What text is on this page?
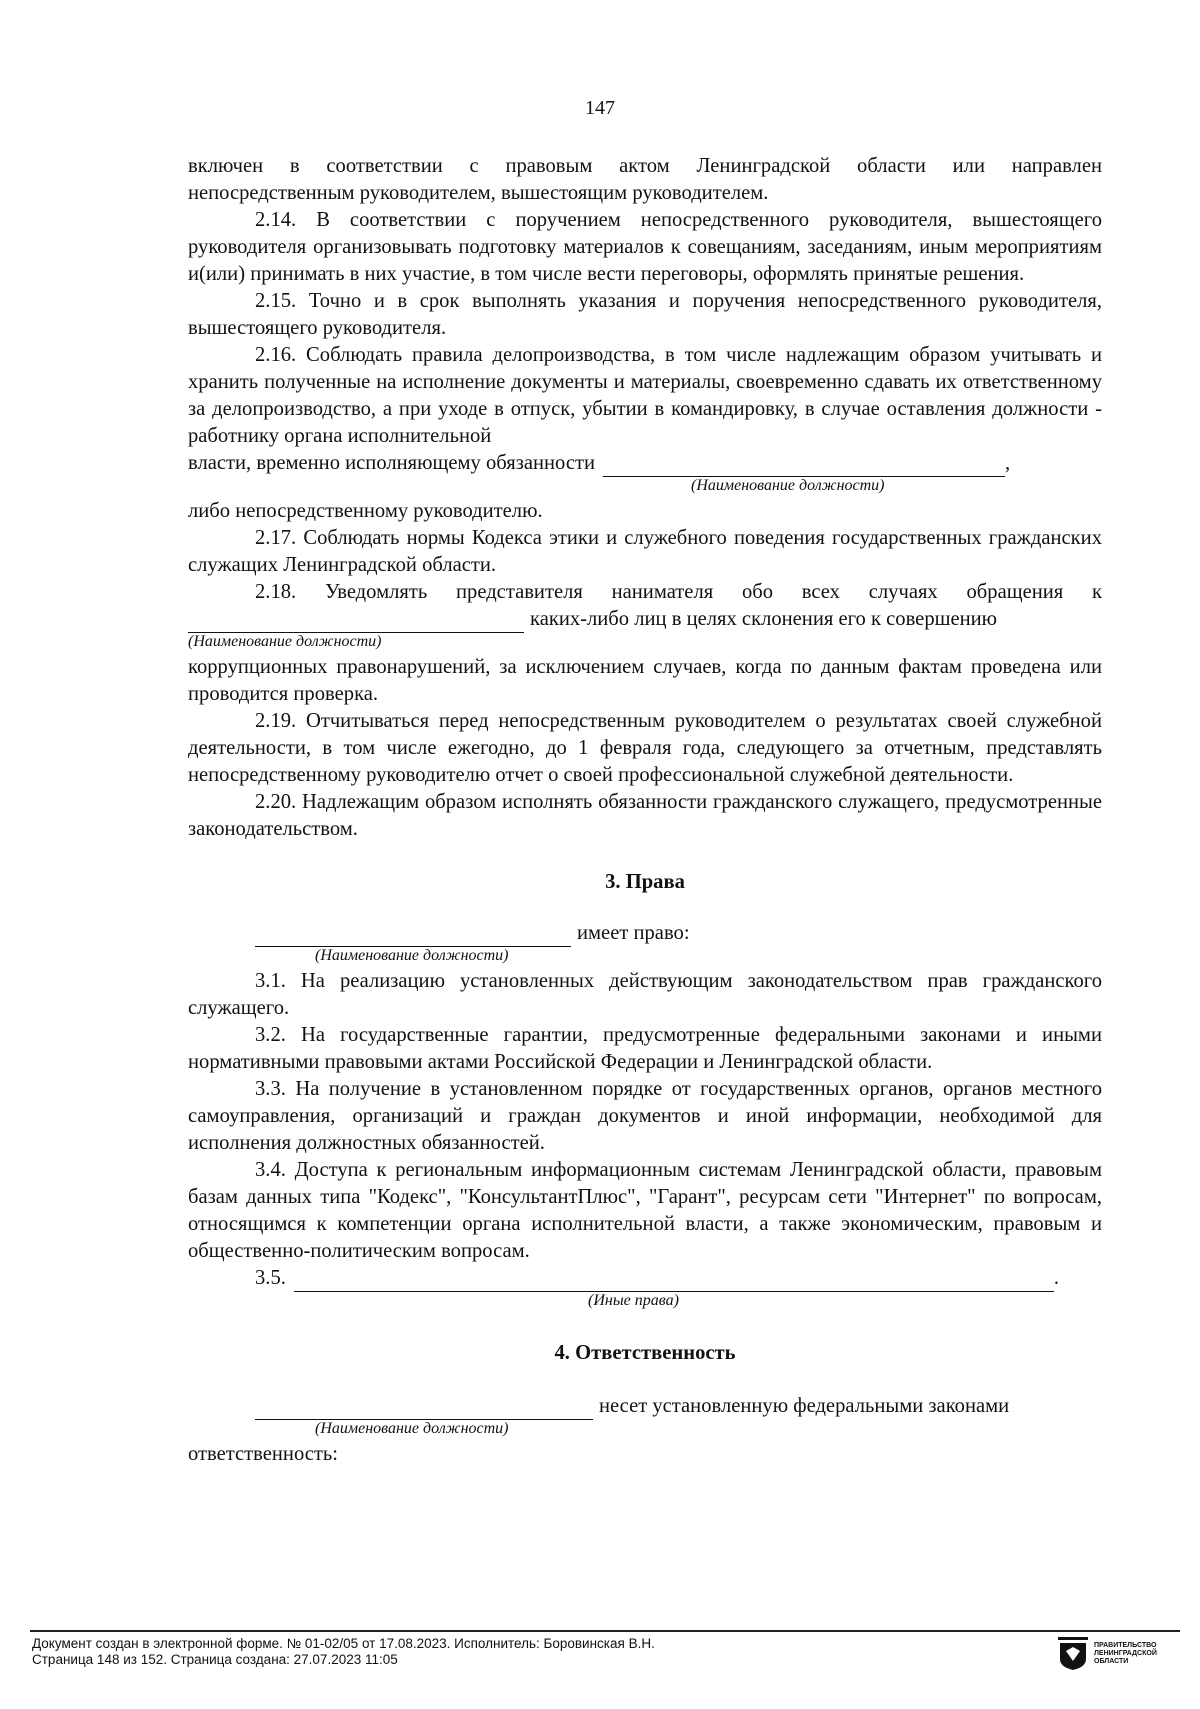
147

включен в соответствии с правовым актом Ленинградской области или направлен

непосредственным руководителем, вышестоящим руководителем.

2.14. В соответствии с поручением непосредственного руководителя, вышестоящего руководителя организовывать подготовку материалов к совещаниям, заседаниям, иным мероприятиям и(или) принимать в них участие, в том числе вести переговоры, оформлять принятые решения.

2.15. Точно и в срок выполнять указания и поручения непосредственного руководителя, вышестоящего руководителя.

2.16. Соблюдать правила делопроизводства, в том числе надлежащим образом учитывать и хранить полученные на исполнение документы и материалы, своевременно сдавать их ответственному за делопроизводство, а при уходе в отпуск, убытии в командировку, в случае оставления должности - работнику органа исполнительной

власти, временно исполняющему обязанности	,

(Наименование должности)

либо непосредственному руководителю.

2.17. Соблюдать нормы Кодекса этики и служебного поведения государственных гражданских служащих Ленинградской области.

2.18. Уведомлять представителя нанимателя обо всех случаях обращения к

каких-либо лиц в целях склонения его к совершению

(Наименование должности)

коррупционных правонарушений, за исключением случаев, когда по данным фактам проведена или проводится проверка.

2.19. Отчитываться перед непосредственным руководителем о результатах своей служебной деятельности, в том числе ежегодно, до 1 февраля года, следующего за отчетным, представлять непосредственному руководителю отчет о своей профессиональной служебной деятельности.

2.20. Надлежащим образом исполнять обязанности гражданского служащего, предусмотренные законодательством.

3. Права

имеет право:

(Наименование должности)

3.1. На реализацию установленных действующим законодательством прав гражданского служащего.

3.2. На государственные гарантии, предусмотренные федеральными законами и иными нормативными правовыми актами Российской Федерации и Ленинградской области.

3.3. На получение в установленном порядке от государственных органов, органов местного самоуправления, организаций и граждан документов и иной информации, необходимой для исполнения должностных обязанностей.

3.4. Доступа к региональным информационным системам Ленинградской области, правовым базам данных типа "Кодекс", "КонсультантПлюс", "Гарант", ресурсам сети "Интернет" по вопросам, относящимся к компетенции органа исполнительной власти, а также экономическим, правовым и общественно-политическим вопросам.

3.5.	.

(Иные права)

4. Ответственность

несет установленную федеральными законами

(Наименование должности)

ответственность:

Документ создан в электронной форме. № 01-02/05 от 17.08.2023. Исполнитель: Боровинская В.Н.
Страница 148 из 152. Страница создана: 27.07.2023 11:05
ПРАВИТЕЛЬСТВО
ЛЕНИНГРАДСКОЙ
ОБЛАСТИ
